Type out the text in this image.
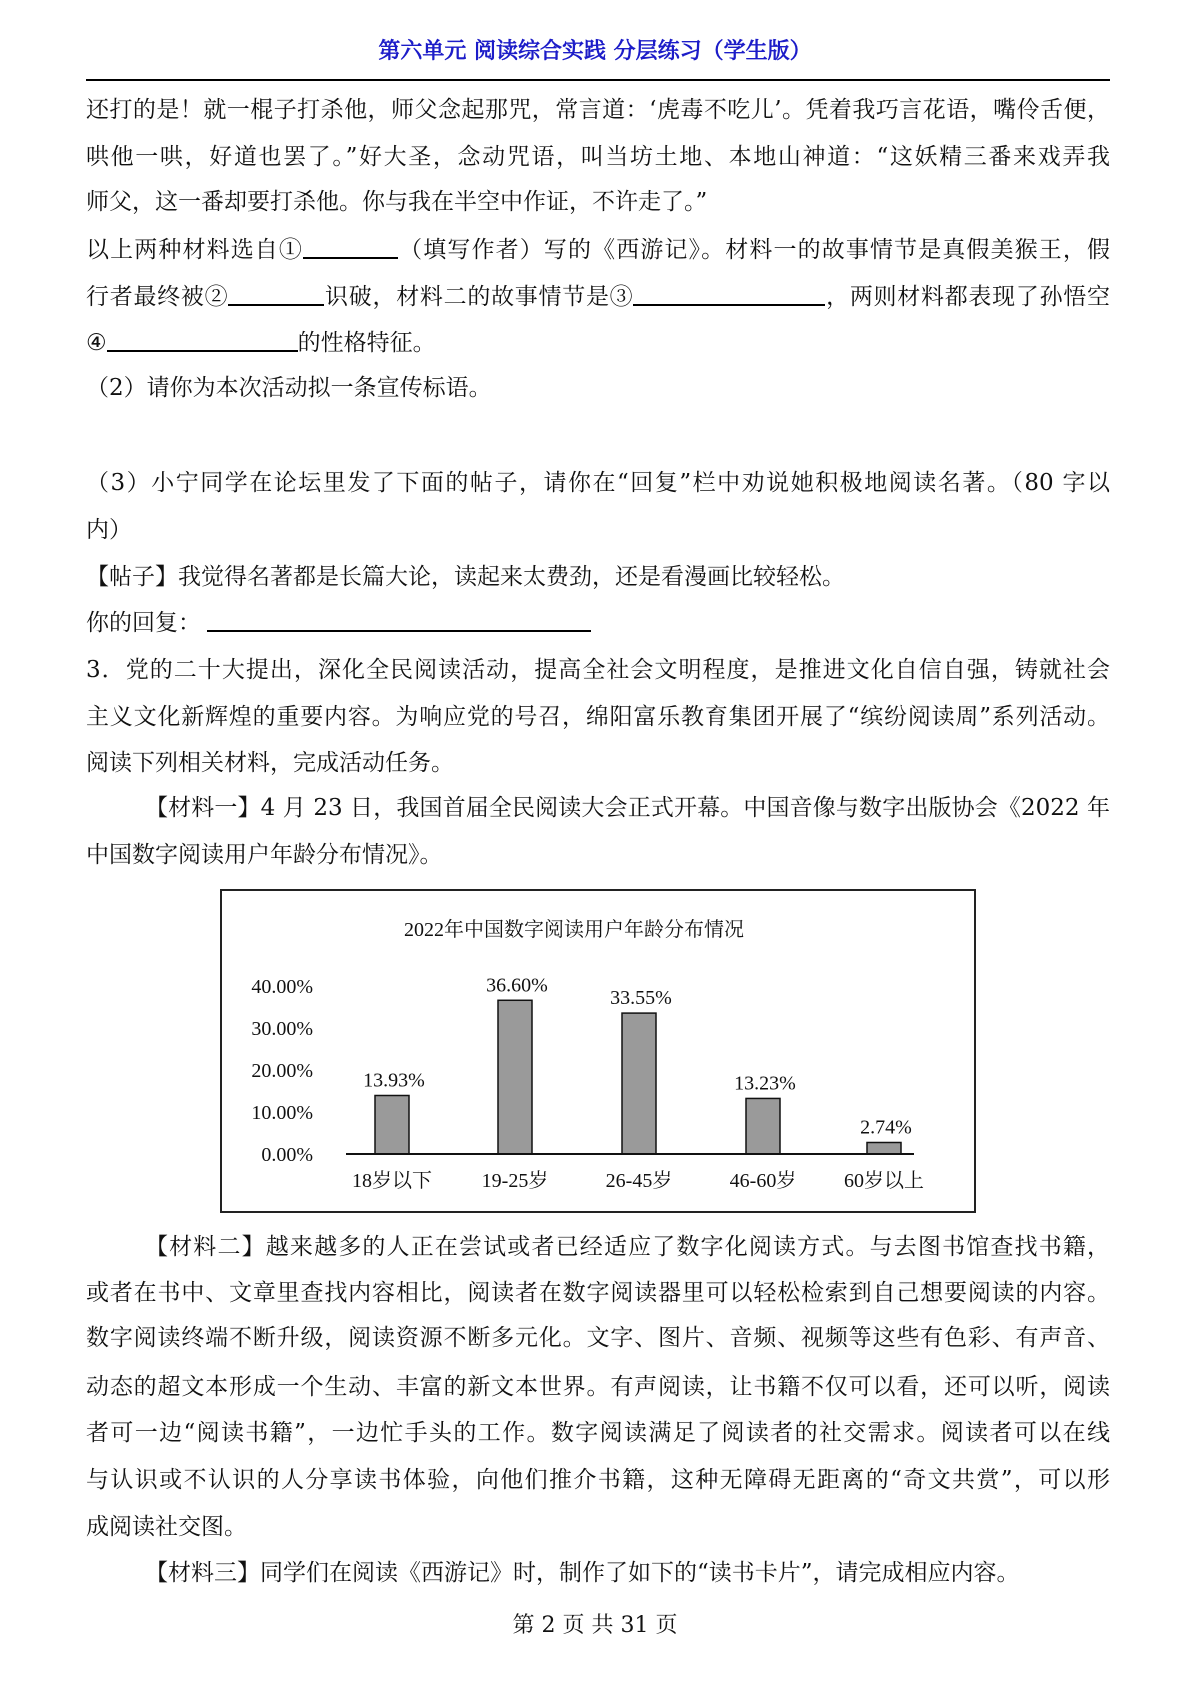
第六单元 阅读综合实践 分层练习（学生版）
还打的是！就一棍子打杀他，师父念起那咒，常言道：‘虎毒不吃儿’。凭着我巧言花语，嘴伶舌便，
哄他一哄，好道也罢了。”好大圣，念动咒语，叫当坊土地、本地山神道：“这妖精三番来戏弄我
师父，这一番却要打杀他。你与我在半空中作证，不许走了。”
以上两种材料选自①	（填写作者）写的《西游记》。材料一的故事情节是真假美猴王，假
行者最终被②	识破，材料二的故事情节是③	，两则材料都表现了孙悟空
④	的性格特征。
（2）请你为本次活动拟一条宣传标语。
（3）小宁同学在论坛里发了下面的帖子，请你在“回复”栏中劝说她积极地阅读名著。（80 字以
内）
【帖子】我觉得名著都是长篇大论，读起来太费劲，还是看漫画比较轻松。
你的回复：
3．党的二十大提出，深化全民阅读活动，提高全社会文明程度，是推进文化自信自强，铸就社会
主义文化新辉煌的重要内容。为响应党的号召，绵阳富乐教育集团开展了“缤纷阅读周”系列活动。
阅读下列相关材料，完成活动任务。
【材料一】4 月 23 日，我国首届全民阅读大会正式开幕。中国音像与数字出版协会《2022 年
中国数字阅读用户年龄分布情况》。
2022年中国数字阅读用户年龄分布情况
0.00%
10.00%
20.00%
30.00%
40.00%
13.93%
18岁以下
36.60%
19-25岁
33.55%
26-45岁
13.23%
46-60岁
2.74%
60岁以上
【材料二】越来越多的人正在尝试或者已经适应了数字化阅读方式。与去图书馆查找书籍，
或者在书中、文章里查找内容相比，阅读者在数字阅读器里可以轻松检索到自己想要阅读的内容。
数字阅读终端不断升级，阅读资源不断多元化。文字、图片、音频、视频等这些有色彩、有声音、
动态的超文本形成一个生动、丰富的新文本世界。有声阅读，让书籍不仅可以看，还可以听，阅读
者可一边“阅读书籍”，一边忙手头的工作。数字阅读满足了阅读者的社交需求。阅读者可以在线
与认识或不认识的人分享读书体验，向他们推介书籍，这种无障碍无距离的“奇文共赏”，可以形
成阅读社交图。
【材料三】同学们在阅读《西游记》时，制作了如下的“读书卡片”，请完成相应内容。
第 2 页 共 31 页
